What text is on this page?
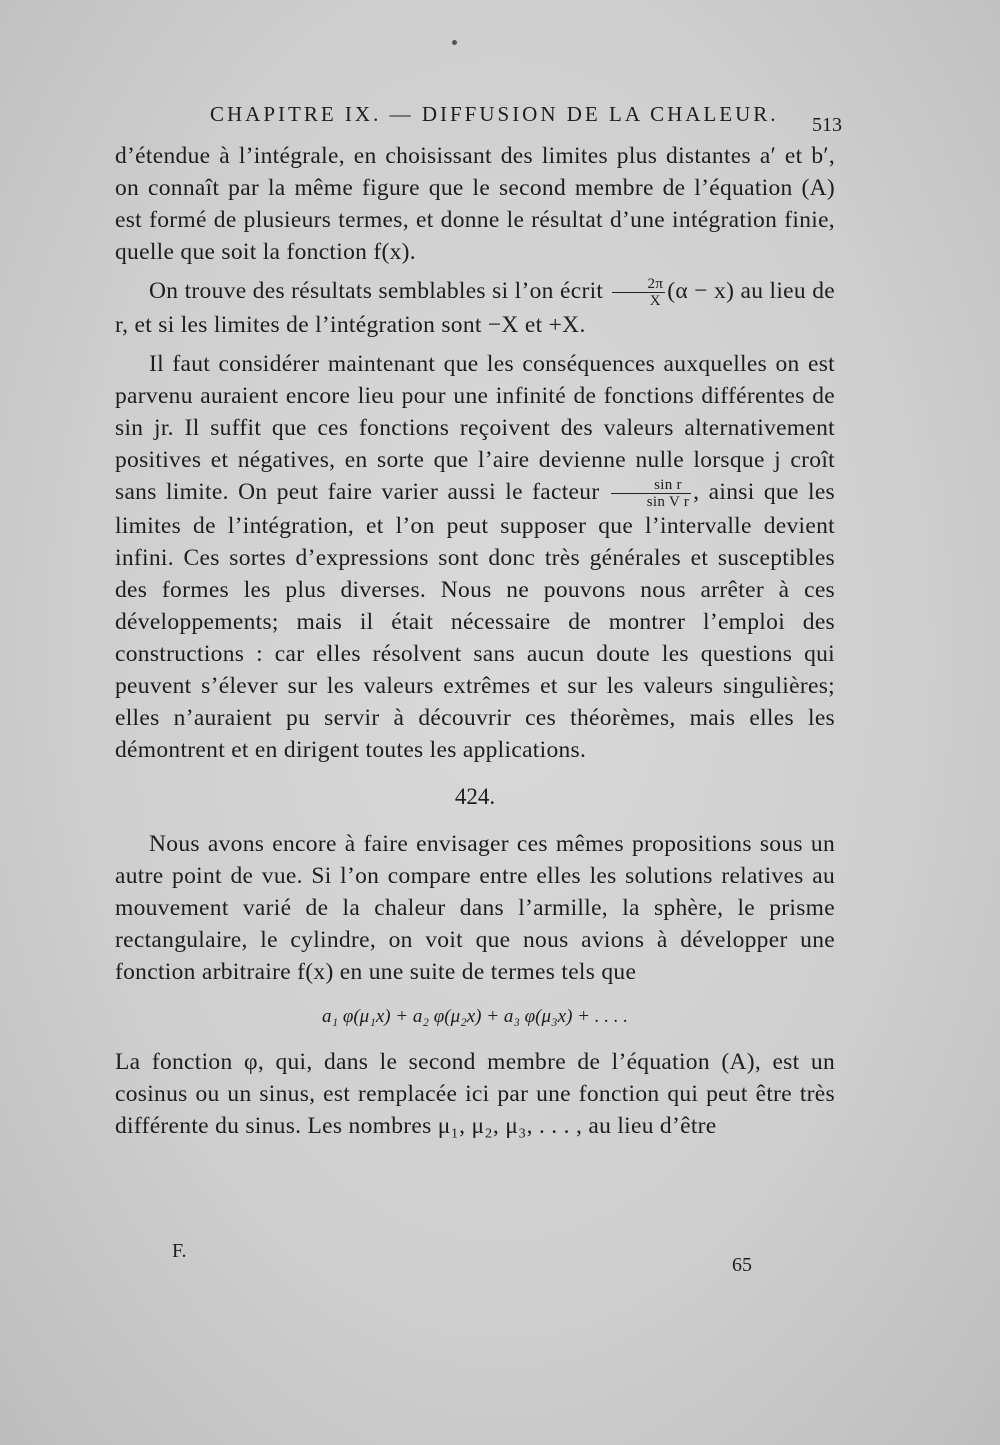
CHAPITRE IX. — DIFFUSION DE LA CHALEUR. 513

d’étendue à l’intégrale, en choisissant des limites plus distantes a′ et b′, on connaît par la même figure que le second membre de l’équation (A) est formé de plusieurs termes, et donne le résultat d’une intégration finie, quelle que soit la fonction f(x).

On trouve des résultats semblables si l’on écrit $\frac{2\pi}{X} (\alpha - x)$ au lieu de r, et si les limites de l’intégration sont −X et +X.

Il faut considérer maintenant que les conséquences auxquelles on est parvenu auraient encore lieu pour une infinité de fonctions différentes de sin jr. Il suffit que ces fonctions reçoivent des valeurs alternativement positives et négatives, en sorte que l’aire devienne nulle lorsque j croît sans limite. On peut faire varier aussi le facteur $\frac{\text{sin r}}{\text{sin V r}}$ , ainsi que les limites de l’intégration, et l’on peut supposer que l’intervalle devient infini. Ces sortes d’expressions sont donc très générales et susceptibles des formes les plus diverses. Nous ne pouvons nous arrêter à ces développements; mais il était nécessaire de montrer l’emploi des constructions : car elles résolvent sans aucun doute les questions qui peuvent s’élever sur les valeurs extrêmes et sur les valeurs singulières; elles n’auraient pu servir à découvrir ces théorèmes, mais elles les démontrent et en dirigent toutes les applications.

424.

Nous avons encore à faire envisager ces mêmes propositions sous un autre point de vue. Si l’on compare entre elles les solutions relatives au mouvement varié de la chaleur dans l’armille, la sphère, le prisme rectangulaire, le cylindre, on voit que nous avions à développer une fonction arbitraire f(x) en une suite de termes tels que

a₁ φ(μ₁x) + a₂ φ(μ₂x) + a₃ φ(μ₃x) + . . . .

La fonction φ, qui, dans le second membre de l’équation (A), est un cosinus ou un sinus, est remplacée ici par une fonction qui peut être très différente du sinus. Les nombres μ₁, μ₂, μ₃, . . . , au lieu d’être

F.
65
